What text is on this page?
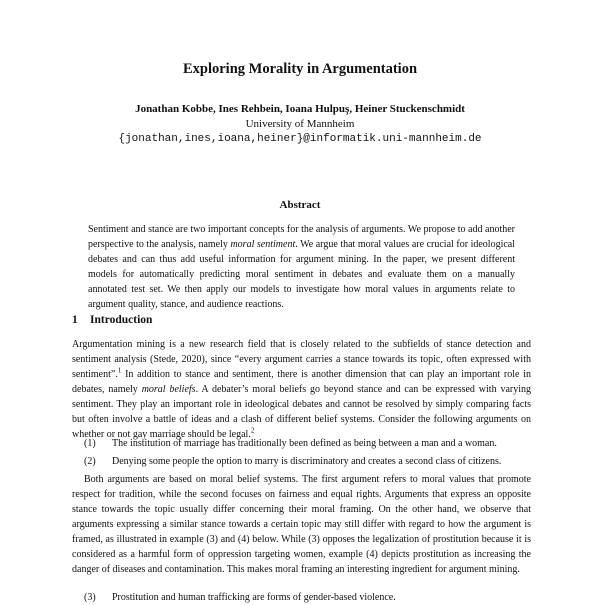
Exploring Morality in Argumentation
Jonathan Kobbe, Ines Rehbein, Ioana Hulpuş, Heiner Stuckenschmidt
University of Mannheim
{jonathan,ines,ioana,heiner}@informatik.uni-mannheim.de
Abstract
Sentiment and stance are two important concepts for the analysis of arguments. We propose to add another perspective to the analysis, namely moral sentiment. We argue that moral values are crucial for ideological debates and can thus add useful information for argument mining. In the paper, we present different models for automatically predicting moral sentiment in debates and evaluate them on a manually annotated test set. We then apply our models to investigate how moral values in arguments relate to argument quality, stance, and audience reactions.
1 Introduction
Argumentation mining is a new research field that is closely related to the subfields of stance detection and sentiment analysis (Stede, 2020), since “every argument carries a stance towards its topic, often expressed with sentiment”.$^1$ In addition to stance and sentiment, there is another dimension that can play an important role in debates, namely moral beliefs. A debater’s moral beliefs go beyond stance and can be expressed with varying sentiment. They play an important role in ideological debates and cannot be resolved by simply comparing facts but often involve a battle of ideas and a clash of different belief systems. Consider the following arguments on whether or not gay marriage should be legal.$^2$
(1) The institution of marriage has traditionally been defined as being between a man and a woman.
(2) Denying some people the option to marry is discriminatory and creates a second class of citizens.
Both arguments are based on moral belief systems. The first argument refers to moral values that promote respect for tradition, while the second focuses on fairness and equal rights. Arguments that express an opposite stance towards the topic usually differ concerning their moral framing. On the other hand, we observe that arguments expressing a similar stance towards a certain topic may still differ with regard to how the argument is framed, as illustrated in example (3) and (4) below. While (3) opposes the legalization of prostitution because it is considered as a harmful form of oppression targeting women, example (4) depicts prostitution as increasing the danger of diseases and contamination. This makes moral framing an interesting ingredient for argument mining.
(3) Prostitution and human trafficking are forms of gender-based violence.
